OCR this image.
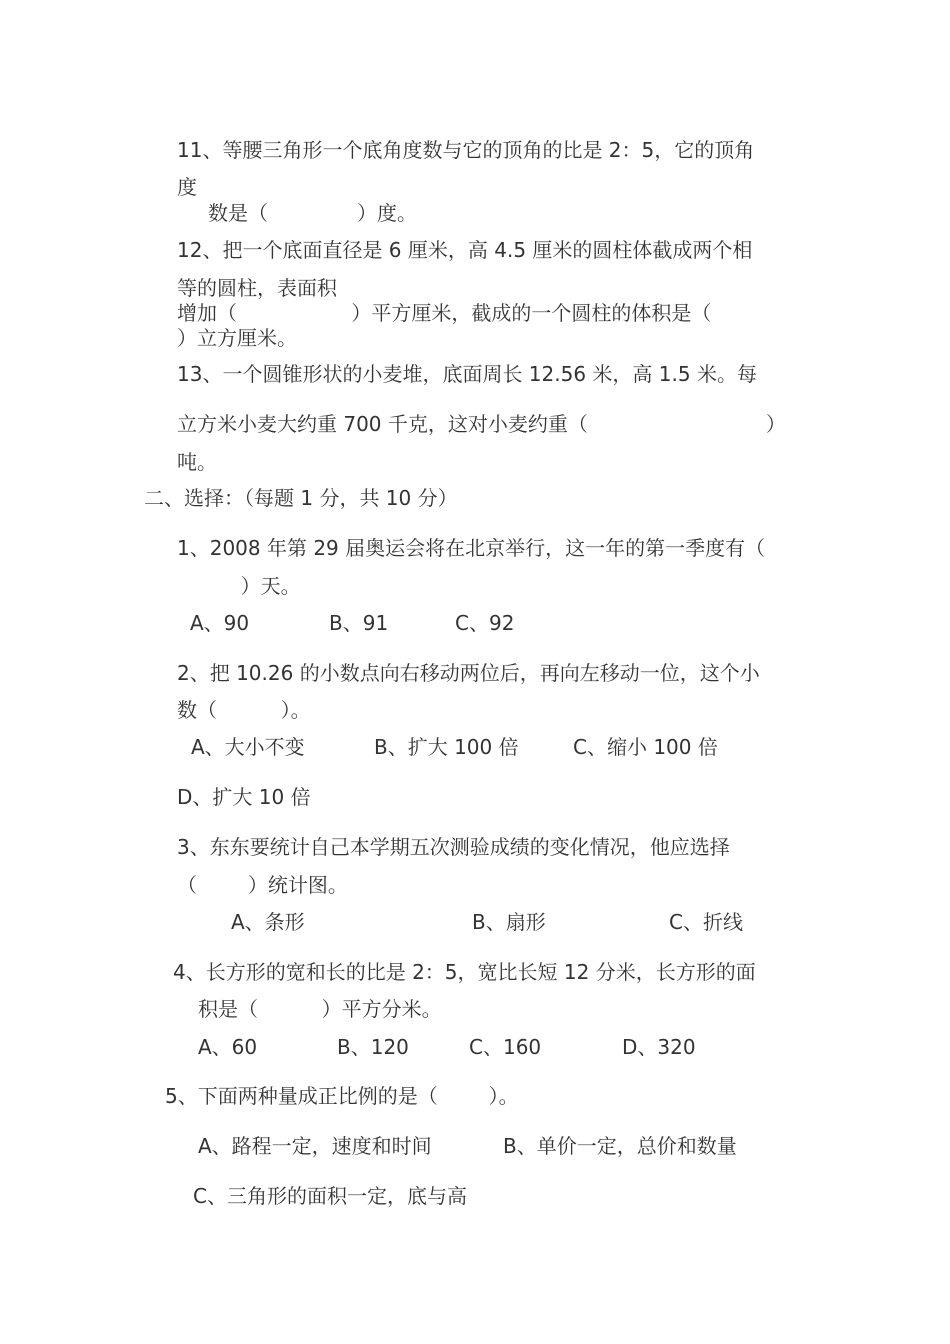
11、等腰三角形一个底角度数与它的顶角的比是 2：5，它的顶角
度
数是（              ）度。
12、把一个底面直径是 6 厘米，高 4.5 厘米的圆柱体截成两个相
等的圆柱，表面积
增加（                  ）平方厘米，截成的一个圆柱的体积是（
）立方厘米。
13、一个圆锥形状的小麦堆，底面周长 12.56 米，高 1.5 米。每
立方米小麦大约重 700 千克，这对小麦约重（                            ）
吨。
二、选择：（每题 1 分，共 10 分）
1、2008 年第 29 届奥运会将在北京举行，这一年的第一季度有（
）天。
A、90	B、91	C、92
2、把 10.26 的小数点向右移动两位后，再向左移动一位，这个小
数（          ）。
A、大小不变	B、扩大 100 倍	C、缩小 100 倍
D、扩大 10 倍
3、东东要统计自己本学期五次测验成绩的变化情况，他应选择
（        ）统计图。
A、条形	B、扇形	C、折线
4、长方形的宽和长的比是 2：5，宽比长短 12 分米，长方形的面
积是（          ）平方分米。
A、60	B、120	C、160	D、320
5、下面两种量成正比例的是（        ）。
A、路程一定，速度和时间	B、单价一定，总价和数量
C、三角形的面积一定，底与高
